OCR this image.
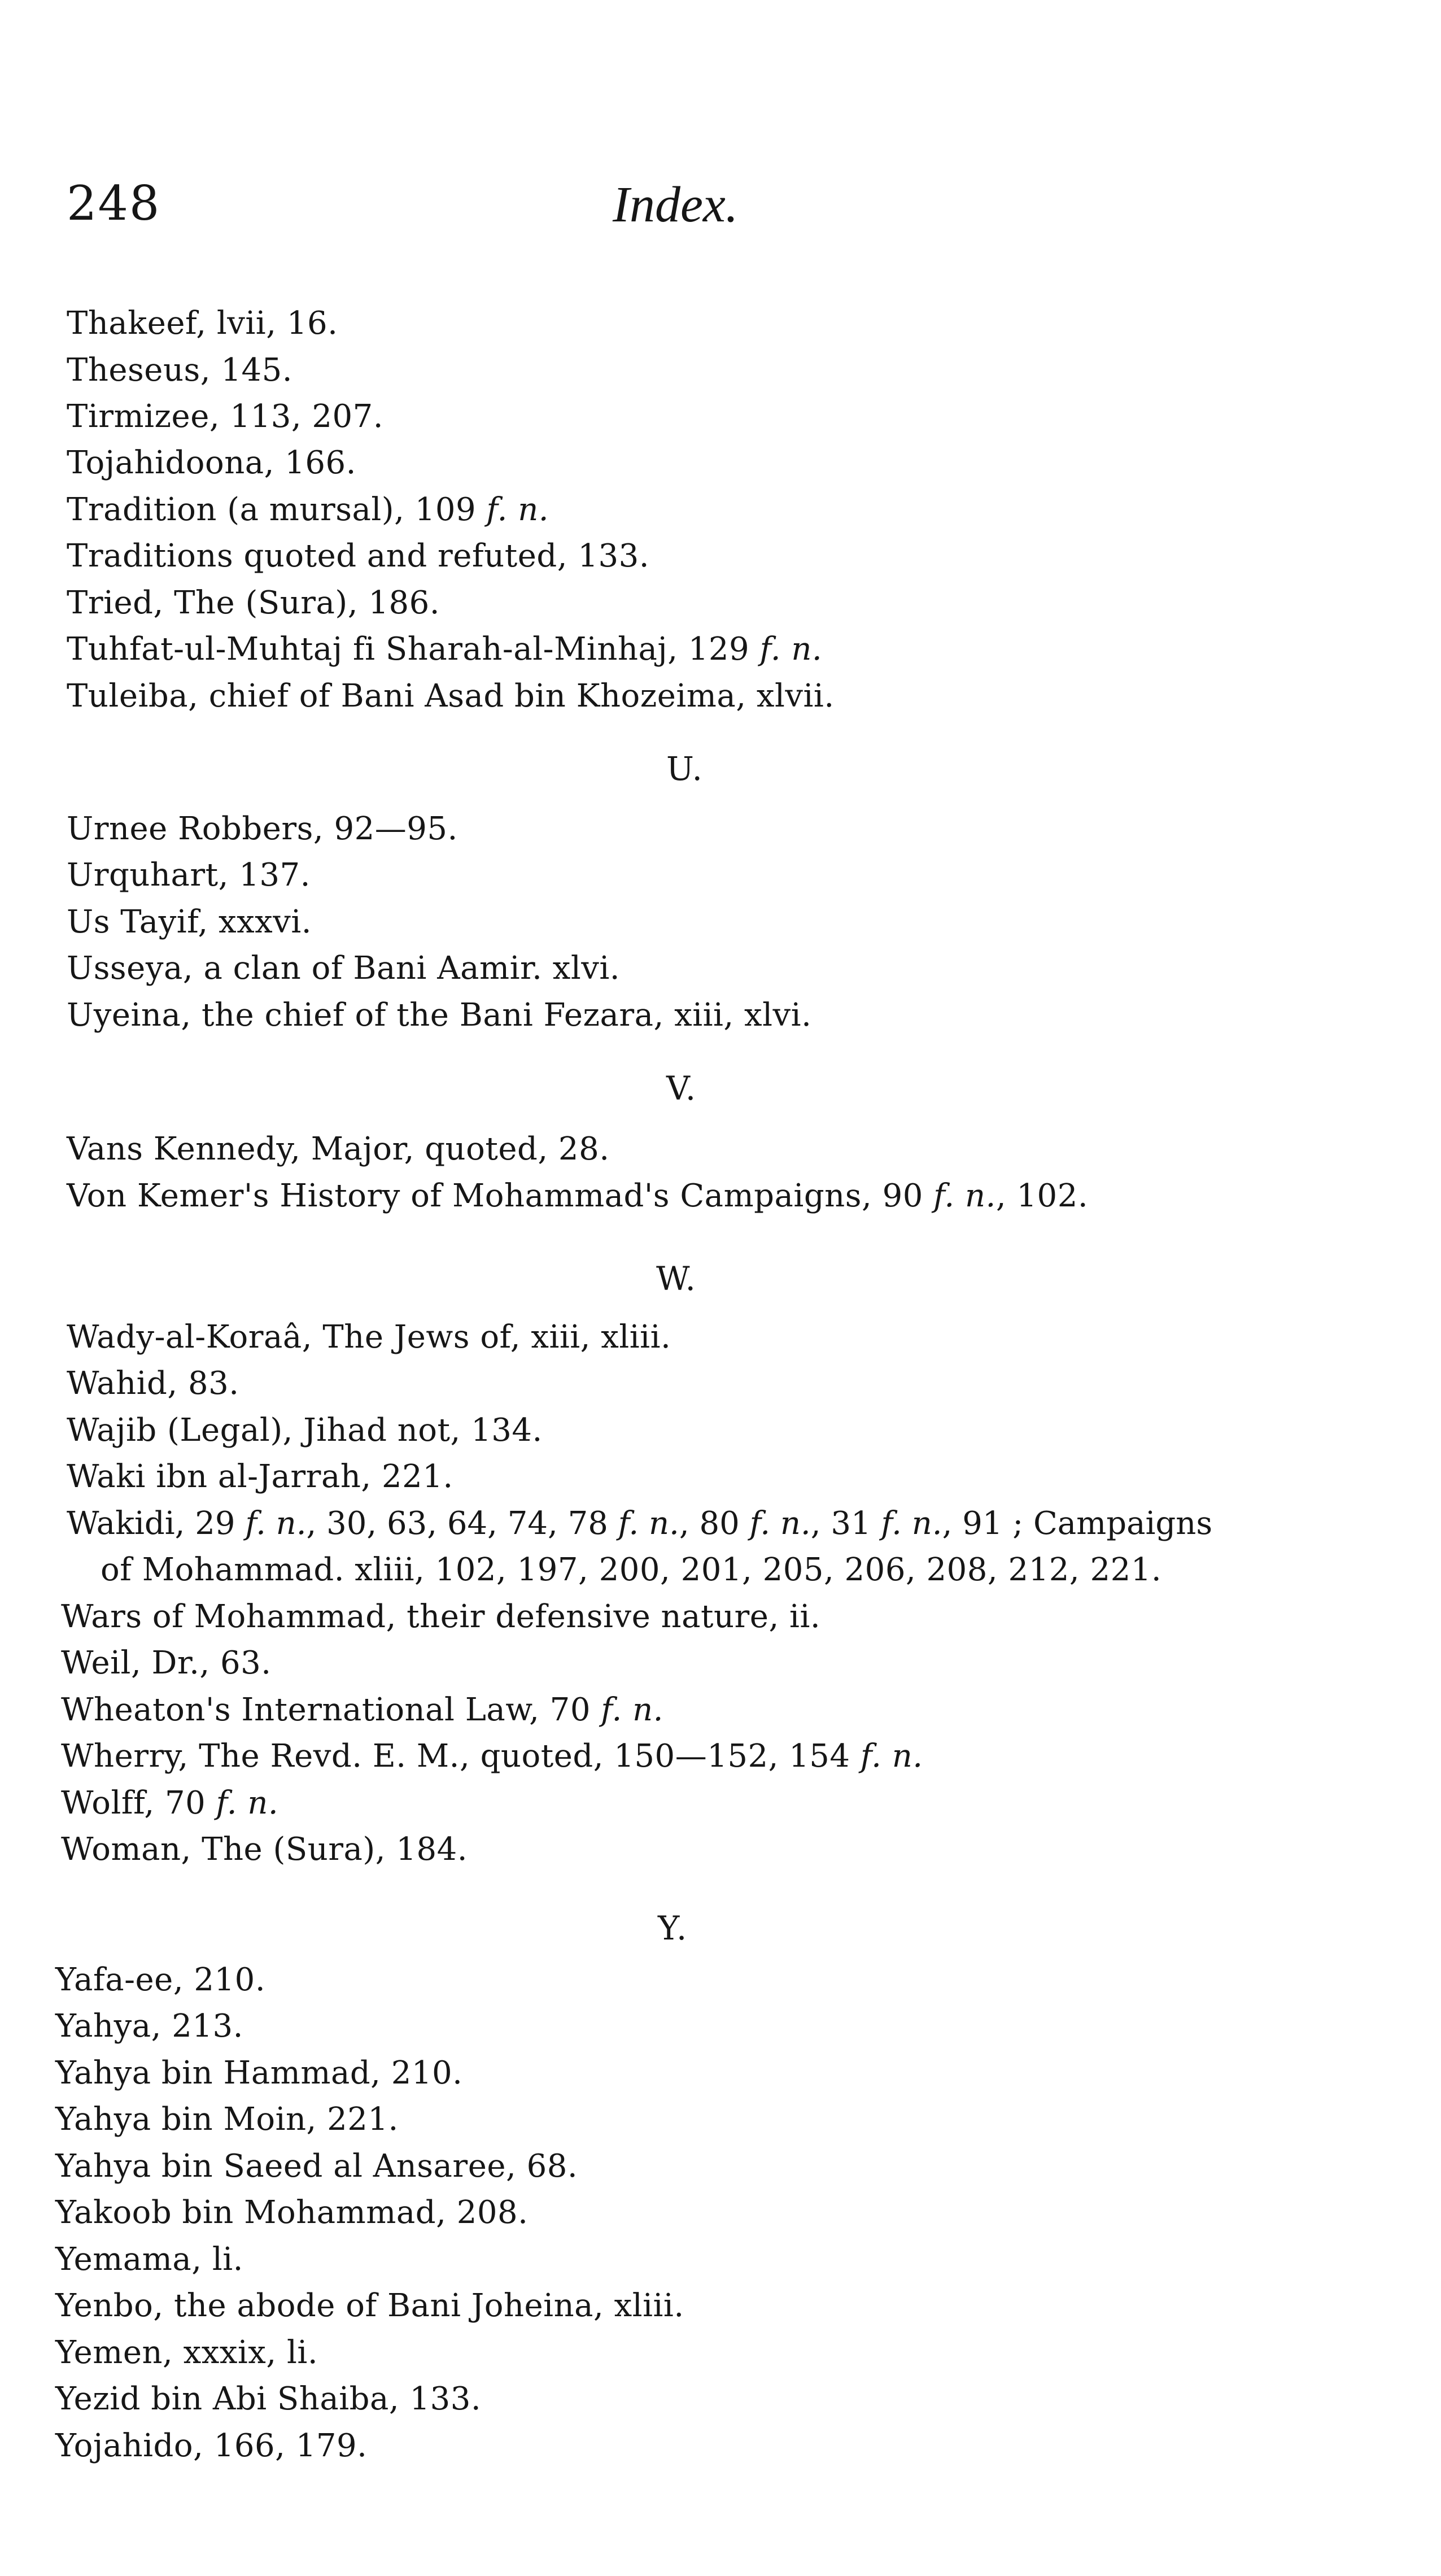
248	Index.
Thakeef, lvii, 16.
Theseus, 145.
Tirmizee, 113, 207.
Tojahidoona, 166.
Tradition (a mursal), 109 f. n.
Traditions quoted and refuted, 133.
Tried, The (Sura), 186.
Tuhfat-ul-Muhtaj fi Sharah-al-Minhaj, 129 f. n.
Tuleiba, chief of Bani Asad bin Khozeima, xlvii.
U.
Urnee Robbers, 92—95.
Urquhart, 137.
Us Tayif, xxxvi.
Usseya, a clan of Bani Aamir. xlvi.
Uyeina, the chief of the Bani Fezara, xiii, xlvi.
V.
Vans Kennedy, Major, quoted, 28.
Von Kemer's History of Mohammad's Campaigns, 90 f. n., 102.
W.
Wady-al-Koraâ, The Jews of, xiii, xliii.
Wahid, 83.
Wajib (Legal), Jihad not, 134.
Waki ibn al-Jarrah, 221.
Wakidi, 29 f. n., 30, 63, 64, 74, 78 f. n., 80 f. n., 31 f. n., 91 ; Campaigns
of Mohammad. xliii, 102, 197, 200, 201, 205, 206, 208, 212, 221.
Wars of Mohammad, their defensive nature, ii.
Weil, Dr., 63.
Wheaton's International Law, 70 f. n.
Wherry, The Revd. E. M., quoted, 150—152, 154 f. n.
Wolff, 70 f. n.
Woman, The (Sura), 184.
Y.
Yafa-ee, 210.
Yahya, 213.
Yahya bin Hammad, 210.
Yahya bin Moin, 221.
Yahya bin Saeed al Ansaree, 68.
Yakoob bin Mohammad, 208.
Yemama, li.
Yenbo, the abode of Bani Joheina, xliii.
Yemen, xxxix, li.
Yezid bin Abi Shaiba, 133.
Yojahido, 166, 179.
